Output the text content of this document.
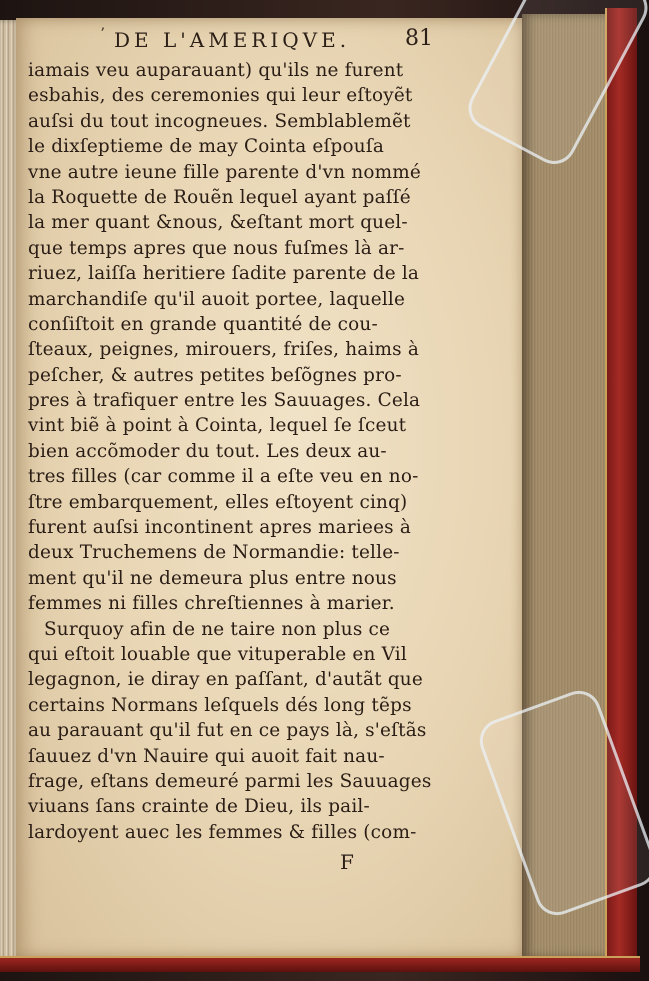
ʼ DE L'AMERIQVE. 81
iamais veu auparauant) qu'ils ne furent
esbahis, des ceremonies qui leur eſtoyẽt
auſsi du tout incogneues. Semblablemẽt
le dixſeptieme de may Cointa eſpouſa
vne autre ieune fille parente d'vn nommé
la Roquette de Rouẽn lequel ayant paſſé
la mer quant &nous, &eſtant mort quel-
que temps apres que nous fuſmes là ar-
riuez, laiſſa heritiere ſadite parente de la
marchandiſe qu'il auoit portee, laquelle
conſiſtoit en grande quantité de cou-
ſteaux, peignes, mirouers, friſes, haims à
peſcher, & autres petites beſõgnes pro-
pres à trafiquer entre les Sauuages. Cela
vint biẽ à point à Cointa, lequel ſe ſceut
bien accõmoder du tout. Les deux au-
tres filles (car comme il a eſte veu en no-
ſtre embarquement, elles eſtoyent cinq)
furent auſsi incontinent apres mariees à
deux Truchemens de Normandie: telle-
ment qu'il ne demeura plus entre nous
femmes ni filles chreſtiennes à marier.
Surquoy afin de ne taire non plus ce
qui eſtoit louable que vituperable en Vil
legagnon, ie diray en paſſant, d'autãt que
certains Normans leſquels dés long tẽps
au parauant qu'il fut en ce pays là, s'eſtãs
ſauuez d'vn Nauire qui auoit fait nau-
frage, eſtans demeuré parmi les Sauuages
viuans ſans crainte de Dieu, ils pail-
lardoyent auec les femmes & filles (com-
F
